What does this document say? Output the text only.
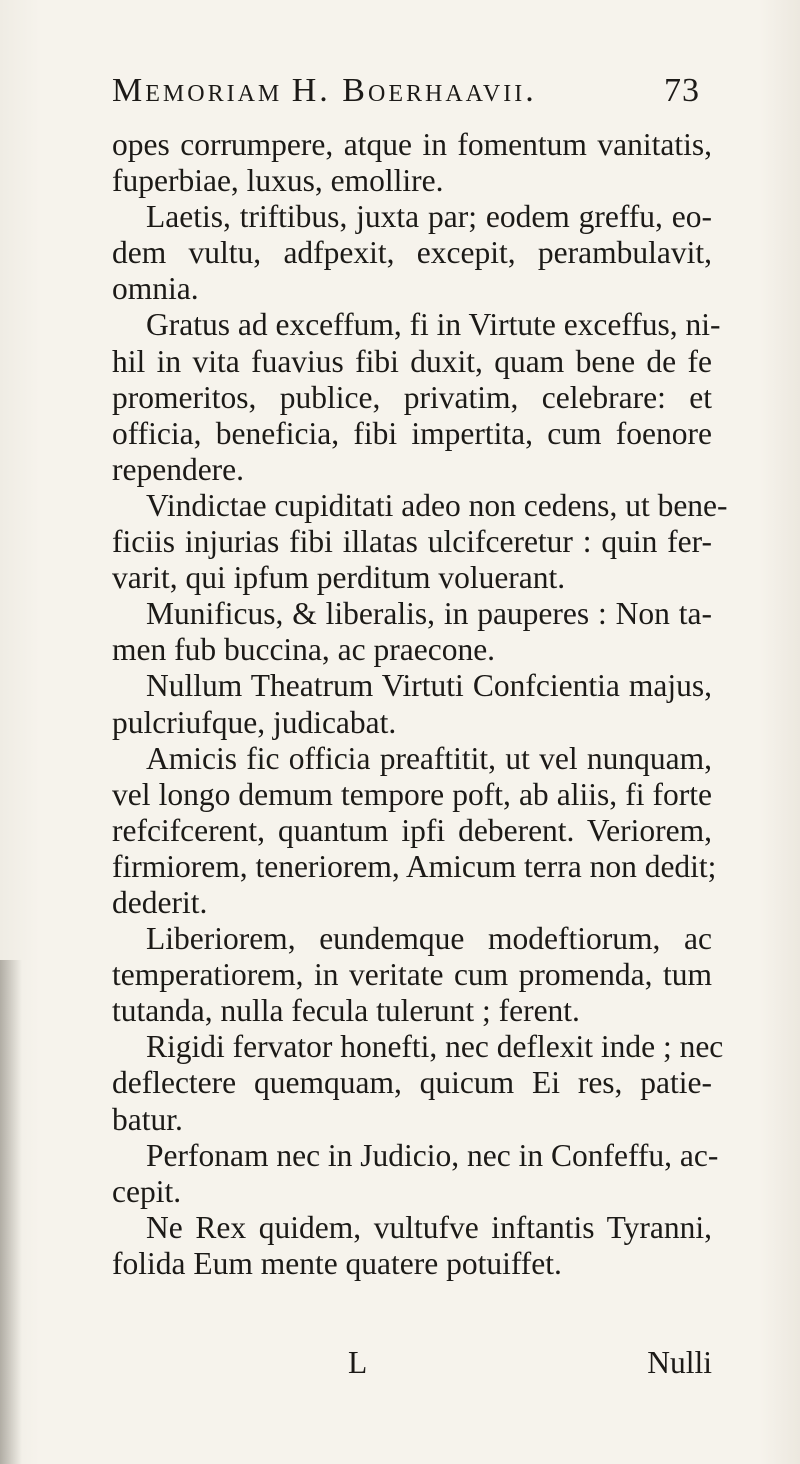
Memoriam H. Boerhaavii.	73
opes corrumpere, atque in fomentum vanitatis,
fuperbiae, luxus, emollire.
Laetis, triftibus, juxta par; eodem greffu, eo-
dem vultu, adfpexit, excepit, perambulavit,
omnia.
Gratus ad exceffum, fi in Virtute exceffus, ni-
hil in vita fuavius fibi duxit, quam bene de fe
promeritos, publice, privatim, celebrare: et
officia, beneficia, fibi impertita, cum foenore
rependere.
Vindictae cupiditati adeo non cedens, ut bene-
ficiis injurias fibi illatas ulcifceretur : quin fer-
varit, qui ipfum perditum voluerant.
Munificus, & liberalis, in pauperes : Non ta-
men fub buccina, ac praecone.
Nullum Theatrum Virtuti Confcientia majus,
pulcriufque, judicabat.
Amicis fic officia preaftitit, ut vel nunquam,
vel longo demum tempore poft, ab aliis, fi forte
refcifcerent, quantum ipfi deberent. Veriorem,
firmiorem, teneriorem, Amicum terra non dedit;
dederit.
Liberiorem, eundemque modeftiorum, ac
temperatiorem, in veritate cum promenda, tum
tutanda, nulla fecula tulerunt ; ferent.
Rigidi fervator honefti, nec deflexit inde ; nec
deflectere quemquam, quicum Ei res, patie-
batur.
Perfonam nec in Judicio, nec in Confeffu, ac-
cepit.
Ne Rex quidem, vultufve inftantis Tyranni,
folida Eum mente quatere potuiffet.
L	Nulli
